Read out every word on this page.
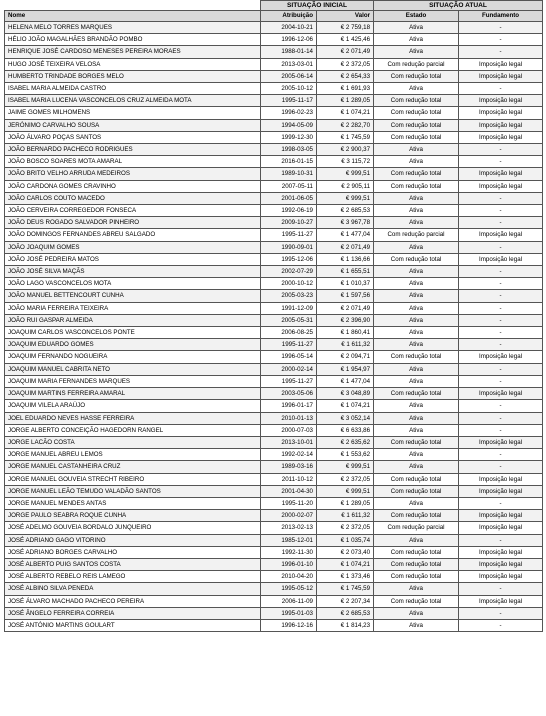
	SITUAÇÃO INICIAL		SITUAÇÃO ATUAL	
Nome	Atribuição	Valor	Estado	Fundamento
HELENA MELO TORRES MARQUES	2004-10-21	€ 2 759,18	Ativa	-
HÉLIO JOÃO MAGALHÃES BRANDÃO POMBO	1996-12-06	€ 1 425,46	Ativa	-
HENRIQUE JOSÉ CARDOSO MENESES PEREIRA MORAES	1988-01-14	€ 2 071,49	Ativa	-
HUGO JOSÉ TEIXEIRA VELOSA	2013-03-01	€ 2 372,05	Com redução parcial	Imposição legal
HUMBERTO TRINDADE BORGES MELO	2005-06-14	€ 2 654,33	Com redução total	Imposição legal
ISABEL MARIA ALMEIDA CASTRO	2005-10-12	€ 1 691,93	Ativa	-
ISABEL MARIA LUCENA VASCONCELOS CRUZ ALMEIDA MOTA	1995-11-17	€ 1 289,05	Com redução total	Imposição legal
JAIME GOMES MILHOMENS	1996-02-23	€ 1 074,21	Com redução total	Imposição legal
JERÓNIMO CARVALHO SOUSA	1994-05-09	€ 2 282,70	Com redução total	Imposição legal
JOÃO ÁLVARO POÇAS SANTOS	1999-12-30	€ 1 745,59	Com redução total	Imposição legal
JOÃO BERNARDO PACHECO RODRIGUES	1998-03-05	€ 2 900,37	Ativa	-
JOÃO BOSCO SOARES MOTA AMARAL	2016-01-15	€ 3 115,72	Ativa	-
JOÃO BRITO VELHO ARRUDA MEDEIROS	1989-10-31	€ 999,51	Com redução total	Imposição legal
JOÃO CARDONA GOMES CRAVINHO	2007-05-11	€ 2 905,11	Com redução total	Imposição legal
JOÃO CARLOS COUTO MACEDO	2001-06-05	€ 999,51	Ativa	-
JOÃO CERVEIRA CORREGEDOR FONSECA	1992-06-19	€ 2 685,53	Ativa	-
JOÃO DEUS ROGADO SALVADOR PINHEIRO	2009-10-27	€ 3 967,78	Ativa	-
JOÃO DOMINGOS FERNANDES ABREU SALGADO	1995-11-27	€ 1 477,04	Com redução parcial	Imposição legal
JOÃO JOAQUIM GOMES	1990-09-01	€ 2 071,49	Ativa	-
JOÃO JOSÉ PEDREIRA MATOS	1995-12-06	€ 1 136,66	Com redução total	Imposição legal
JOÃO JOSÉ SILVA MAÇÃS	2002-07-29	€ 1 655,51	Ativa	-
JOÃO LAGO VASCONCELOS MOTA	2000-10-12	€ 1 010,37	Ativa	-
JOÃO MANUEL BETTENCOURT CUNHA	2005-03-23	€ 1 597,56	Ativa	-
JOÃO MARIA FERREIRA TEIXEIRA	1991-12-09	€ 2 071,49	Ativa	-
JOÃO RUI GASPAR ALMEIDA	2005-05-31	€ 2 396,90	Ativa	-
JOAQUIM CARLOS VASCONCELOS PONTE	2006-08-25	€ 1 860,41	Ativa	-
JOAQUIM EDUARDO GOMES	1995-11-27	€ 1 611,32	Ativa	-
JOAQUIM FERNANDO NOGUEIRA	1996-05-14	€ 2 094,71	Com redução total	Imposição legal
JOAQUIM MANUEL CABRITA NETO	2000-02-14	€ 1 954,97	Ativa	-
JOAQUIM MARIA FERNANDES MARQUES	1995-11-27	€ 1 477,04	Ativa	-
JOAQUIM MARTINS FERREIRA AMARAL	2003-05-06	€ 3 048,89	Com redução total	Imposição legal
JOAQUIM VILELA ARAÚJO	1996-01-17	€ 1 074,21	Ativa	-
JOEL EDUARDO NEVES HASSE FERREIRA	2010-01-13	€ 3 052,14	Ativa	-
JORGE ALBERTO CONCEIÇÃO HAGEDORN RANGEL	2000-07-03	€ 6 633,86	Ativa	-
JORGE LACÃO COSTA	2013-10-01	€ 2 635,62	Com redução total	Imposição legal
JORGE MANUEL ABREU LEMOS	1992-02-14	€ 1 553,62	Ativa	-
JORGE MANUEL CASTANHEIRA CRUZ	1989-03-16	€ 999,51	Ativa	-
JORGE MANUEL GOUVEIA STRECHT RIBEIRO	2011-10-12	€ 2 372,05	Com redução total	Imposição legal
JORGE MANUEL LEÃO TEMUDO VALADÃO SANTOS	2001-04-30	€ 999,51	Com redução total	Imposição legal
JORGE MANUEL MENDES ANTAS	1995-11-20	€ 1 289,05	Ativa	-
JORGE PAULO SEABRA ROQUE CUNHA	2000-02-07	€ 1 611,32	Com redução total	Imposição legal
JOSÉ ADELMO GOUVEIA BORDALO JUNQUEIRO	2013-02-13	€ 2 372,05	Com redução parcial	Imposição legal
JOSÉ ADRIANO GAGO VITORINO	1985-12-01	€ 1 035,74	Ativa	-
JOSÉ ADRIANO BORGES CARVALHO	1992-11-30	€ 2 073,40	Com redução total	Imposição legal
JOSÉ ALBERTO PUIG SANTOS COSTA	1996-01-10	€ 1 074,21	Com redução total	Imposição legal
JOSÉ ALBERTO REBELO REIS LAMEGO	2010-04-20	€ 1 373,46	Com redução total	Imposição legal
JOSÉ ALBINO SILVA PENEDA	1995-05-12	€ 1 745,59	Ativa	-
JOSÉ ÁLVARO MACHADO PACHECO PEREIRA	2006-11-09	€ 2 207,34	Com redução total	Imposição legal
JOSÉ ÂNGELO FERREIRA CORREIA	1995-01-03	€ 2 685,53	Ativa	-
JOSÉ ANTÓNIO MARTINS GOULART	1996-12-16	€ 1 814,23	Ativa	-
